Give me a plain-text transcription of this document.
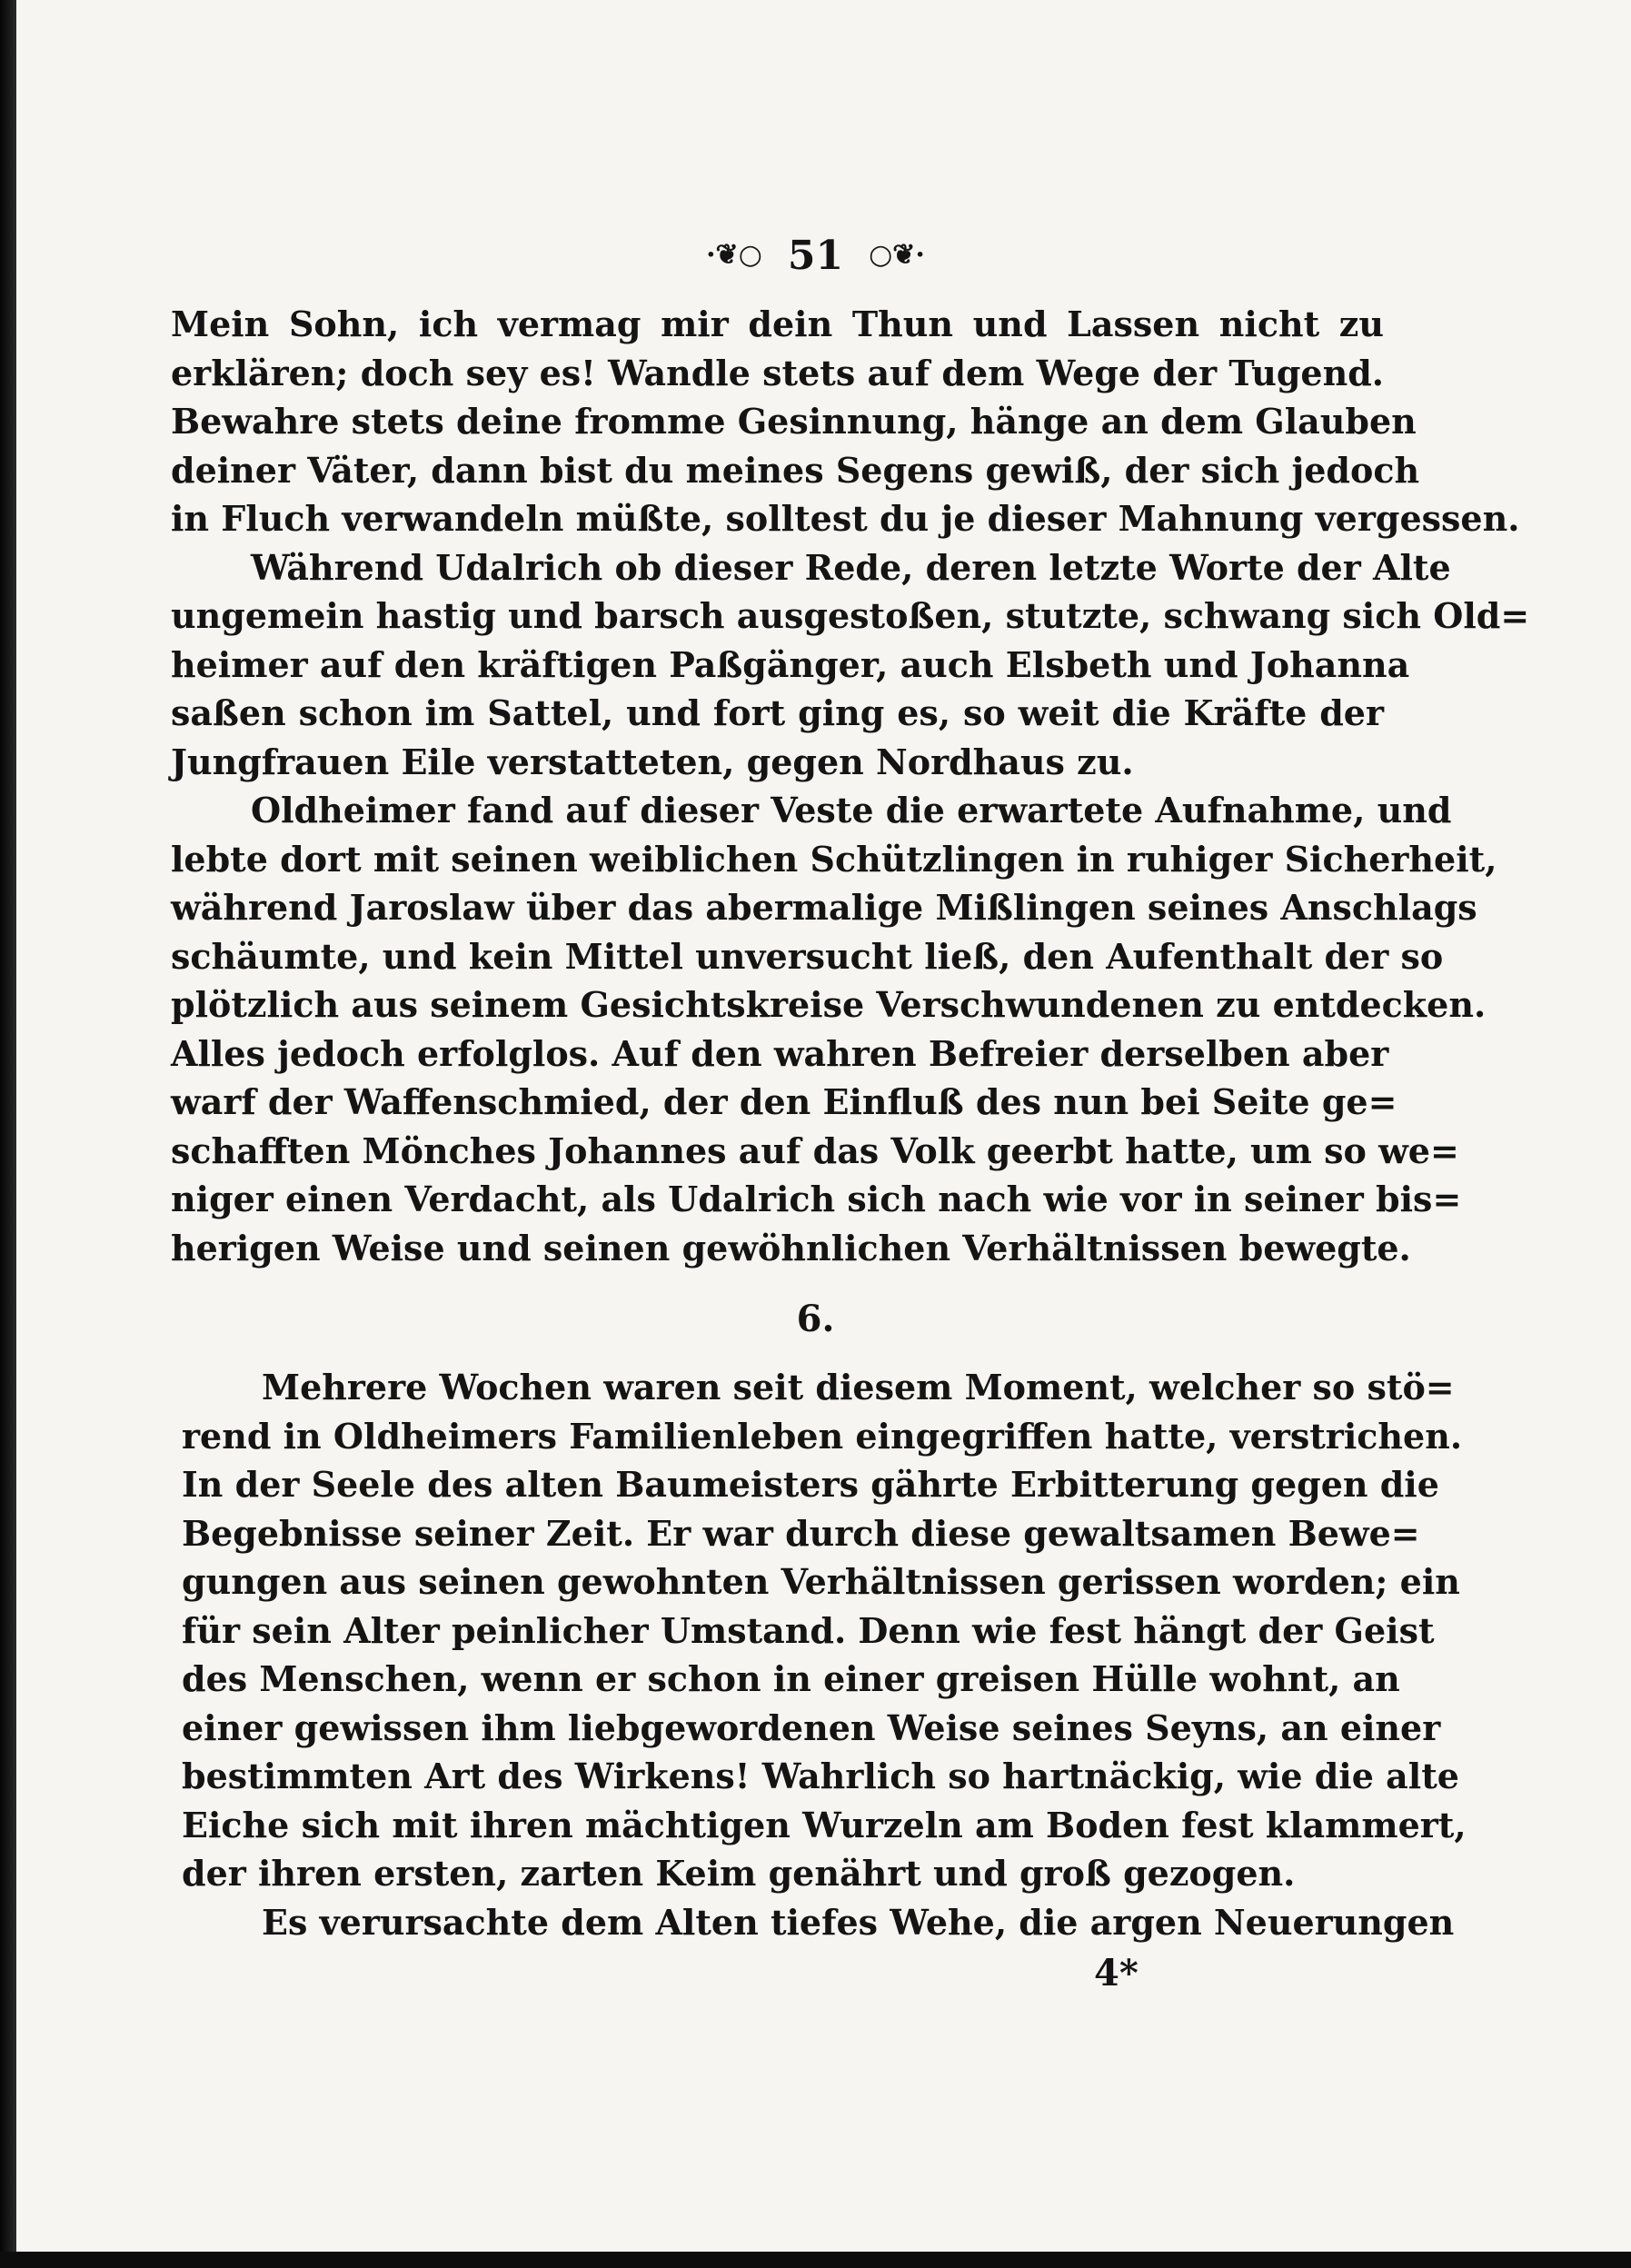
·❦○ 51 ○❦·
Mein Sohn, ich vermag mir dein Thun und Lassen nicht zu
erklären; doch sey es! Wandle stets auf dem Wege der Tugend.
Bewahre stets deine fromme Gesinnung, hänge an dem Glauben
deiner Väter, dann bist du meines Segens gewiß, der sich jedoch
in Fluch verwandeln müßte, solltest du je dieser Mahnung vergessen.
Während Udalrich ob dieser Rede, deren letzte Worte der Alte
ungemein hastig und barsch ausgestoßen, stutzte, schwang sich Old=
heimer auf den kräftigen Paßgänger, auch Elsbeth und Johanna
saßen schon im Sattel, und fort ging es, so weit die Kräfte der
Jungfrauen Eile verstatteten, gegen Nordhaus zu.
Oldheimer fand auf dieser Veste die erwartete Aufnahme, und
lebte dort mit seinen weiblichen Schützlingen in ruhiger Sicherheit,
während Jaroslaw über das abermalige Mißlingen seines Anschlags
schäumte, und kein Mittel unversucht ließ, den Aufenthalt der so
plötzlich aus seinem Gesichtskreise Verschwundenen zu entdecken.
Alles jedoch erfolglos. Auf den wahren Befreier derselben aber
warf der Waffenschmied, der den Einfluß des nun bei Seite ge=
schafften Mönches Johannes auf das Volk geerbt hatte, um so we=
niger einen Verdacht, als Udalrich sich nach wie vor in seiner bis=
herigen Weise und seinen gewöhnlichen Verhältnissen bewegte.
6.
Mehrere Wochen waren seit diesem Moment, welcher so stö=
rend in Oldheimers Familienleben eingegriffen hatte, verstrichen.
In der Seele des alten Baumeisters gährte Erbitterung gegen die
Begebnisse seiner Zeit. Er war durch diese gewaltsamen Bewe=
gungen aus seinen gewohnten Verhältnissen gerissen worden; ein
für sein Alter peinlicher Umstand. Denn wie fest hängt der Geist
des Menschen, wenn er schon in einer greisen Hülle wohnt, an
einer gewissen ihm liebgewordenen Weise seines Seyns, an einer
bestimmten Art des Wirkens! Wahrlich so hartnäckig, wie die alte
Eiche sich mit ihren mächtigen Wurzeln am Boden fest klammert,
der ihren ersten, zarten Keim genährt und groß gezogen.
Es verursachte dem Alten tiefes Wehe, die argen Neuerungen
4*
